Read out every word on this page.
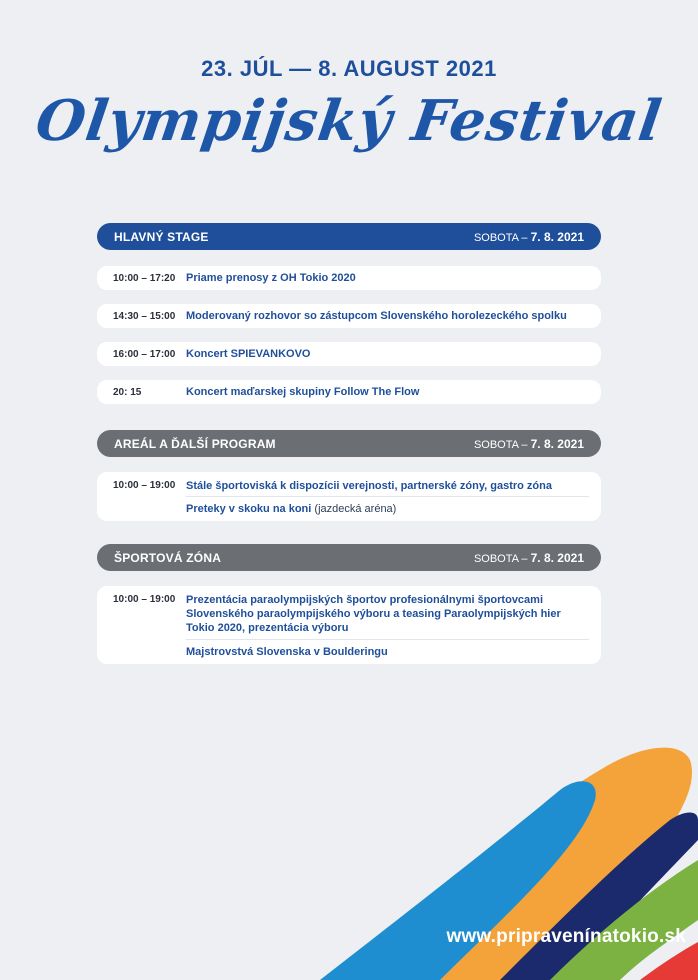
23. JÚL — 8. AUGUST 2021
Olympijský Festival
HLAVNÝ STAGE	SOBOTA – 7. 8. 2021
10:00 – 17:20 Priame prenosy z OH Tokio 2020
14:30 – 15:00 Moderovaný rozhovor so zástupcom Slovenského horolezeckého spolku
16:00 – 17:00 Koncert SPIEVANKOVO
20: 15	Koncert maďarskej skupiny Follow The Flow
AREÁL A ĎALŠÍ PROGRAM	SOBOTA – 7. 8. 2021
10:00 – 19:00 Stále športoviská k dispozícii verejnosti, partnerské zóny, gastro zóna
Preteky v skoku na koni (jazdecká aréna)
ŠPORTOVÁ ZÓNA	SOBOTA – 7. 8. 2021
10:00 – 19:00 Prezentácia paraolympijských športov profesionálnymi športovcami
Slovenského paraolympijského výboru a teasing Paraolympijských hier
Tokio 2020, prezentácia výboru
Majstrovstvá Slovenska v Boulderingu
www.pripravenínatokio.sk
